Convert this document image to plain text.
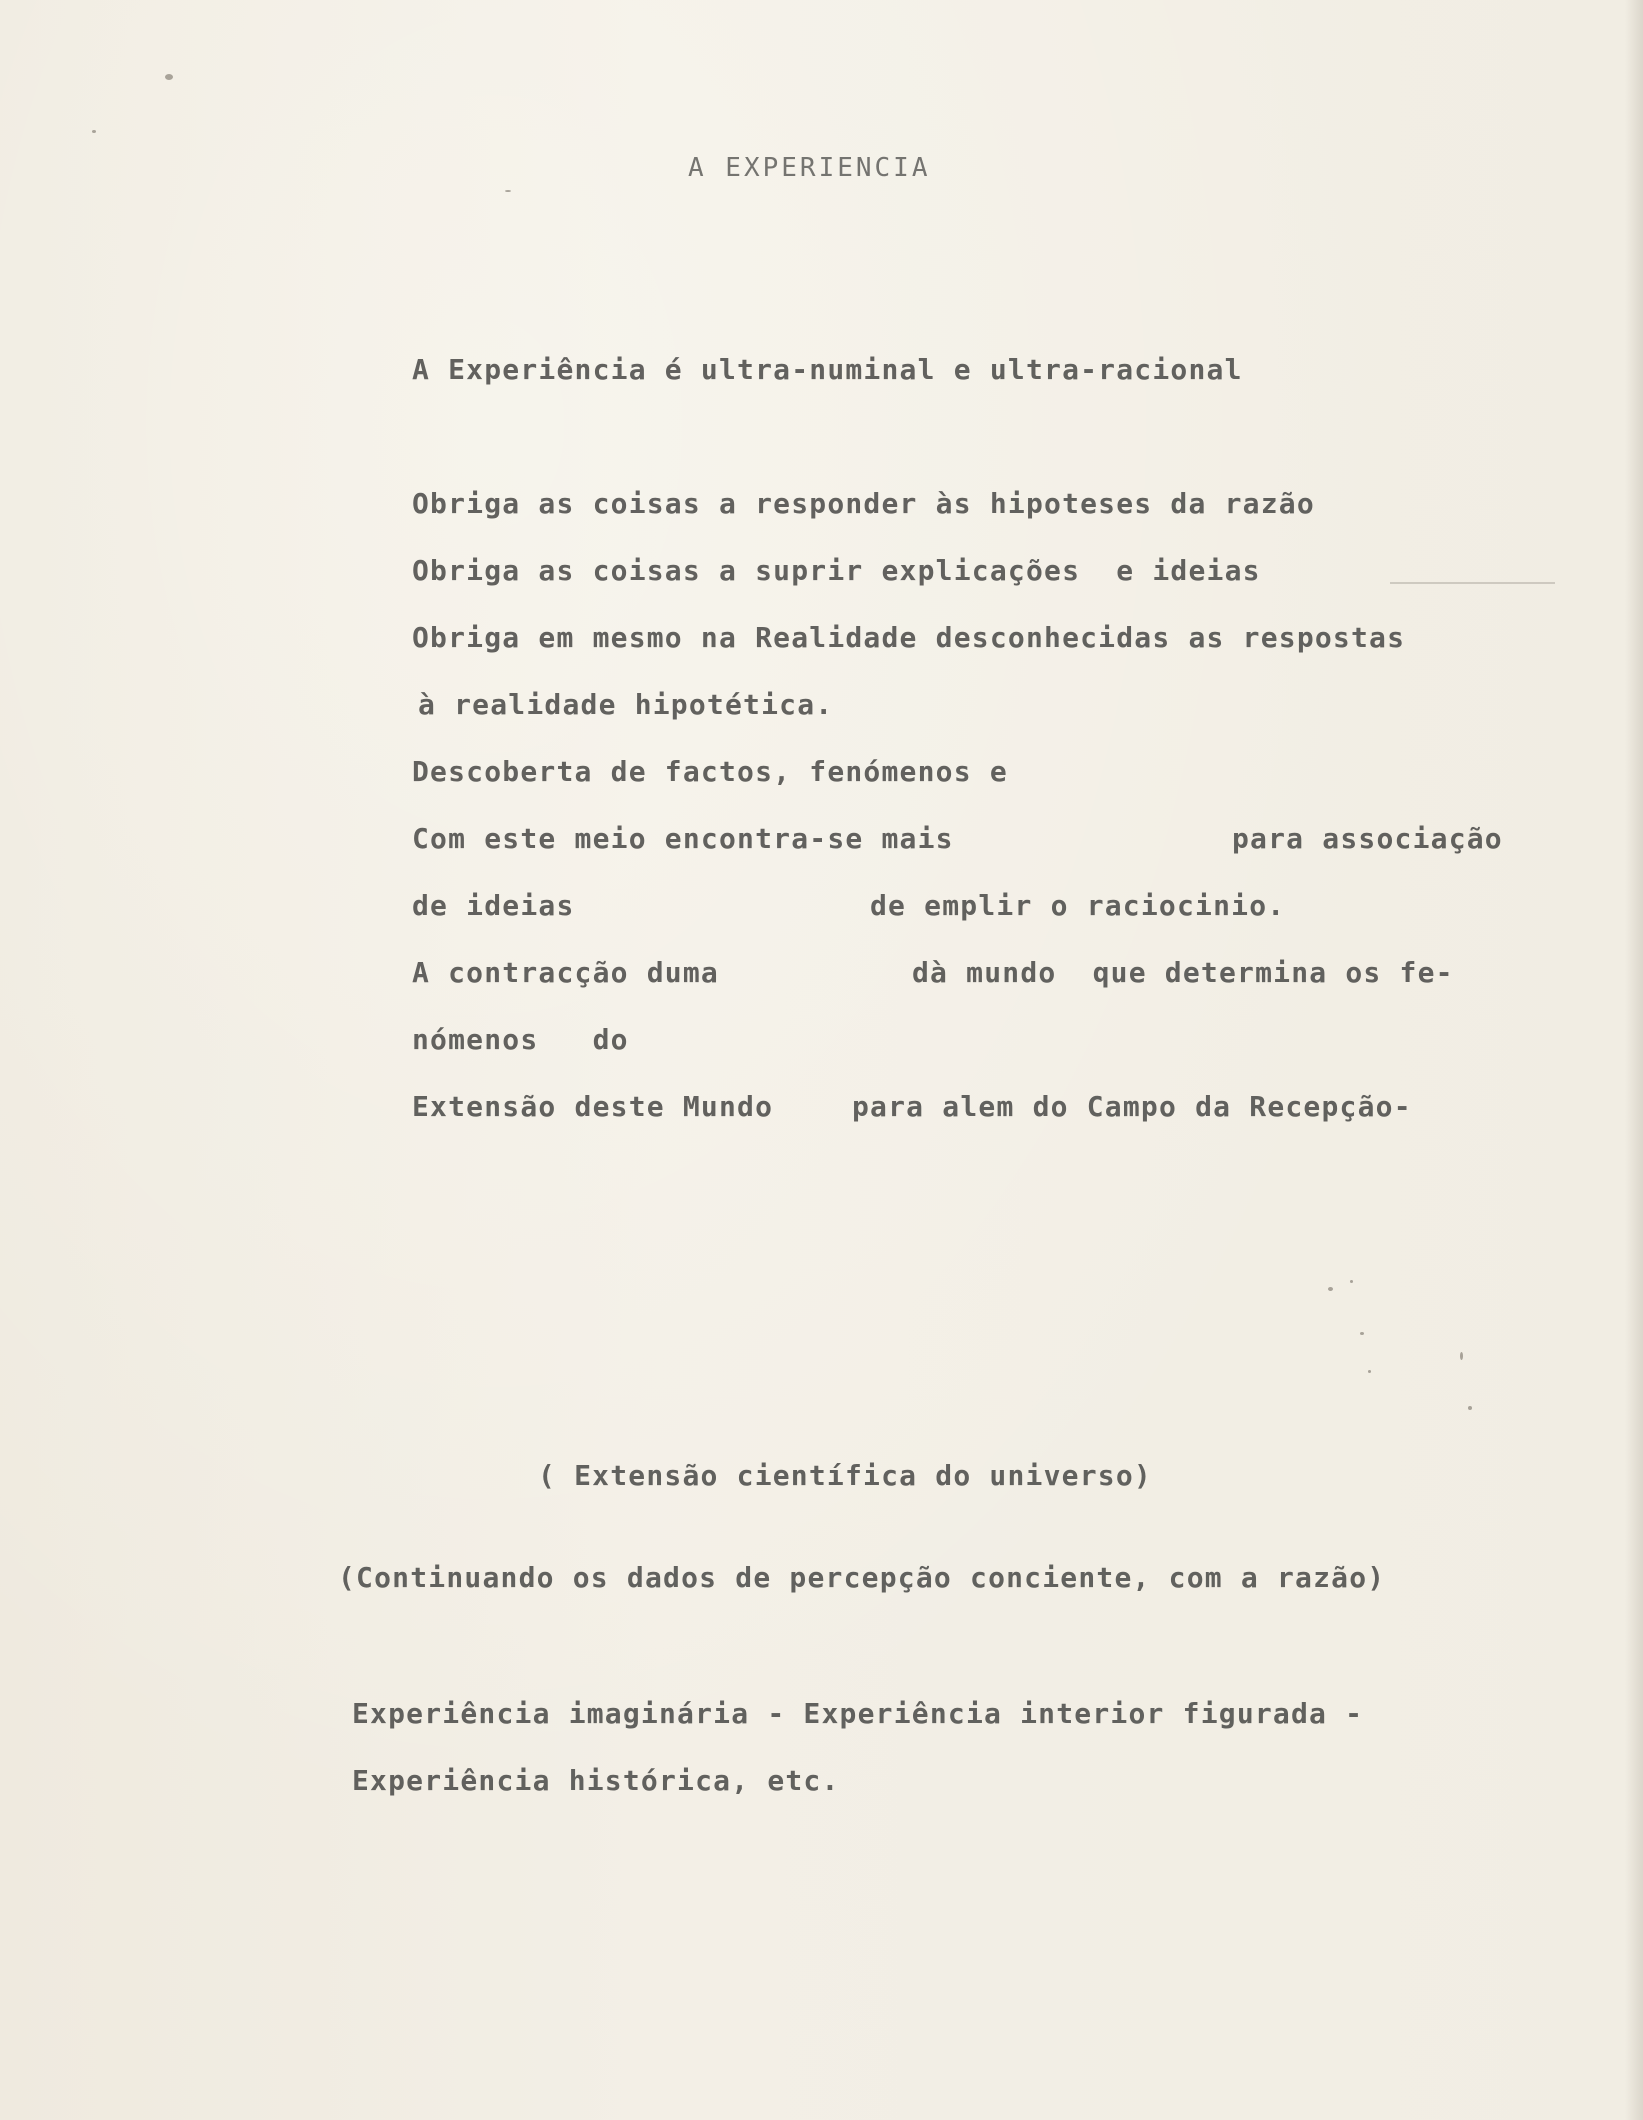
A EXPERIENCIA
A Experiência é ultra-numinal e ultra-racional
Obriga as coisas a responder às hipoteses da razão
Obriga as coisas a suprir explicações  e ideias
Obriga em mesmo na Realidade desconhecidas as respostas
à realidade hipotética.
Descoberta de factos, fenómenos e
Com este meio encontra-se mais	para associação
de ideias	de emplir o raciocinio.
A contracção duma	dà mundo  que determina os fe-
nómenos   do
Extensão deste Mundo	para alem do Campo da Recepção-
( Extensão científica do universo)
(Continuando os dados de percepção conciente, com a razão)
Experiência imaginária - Experiência interior figurada -
Experiência histórica, etc.
